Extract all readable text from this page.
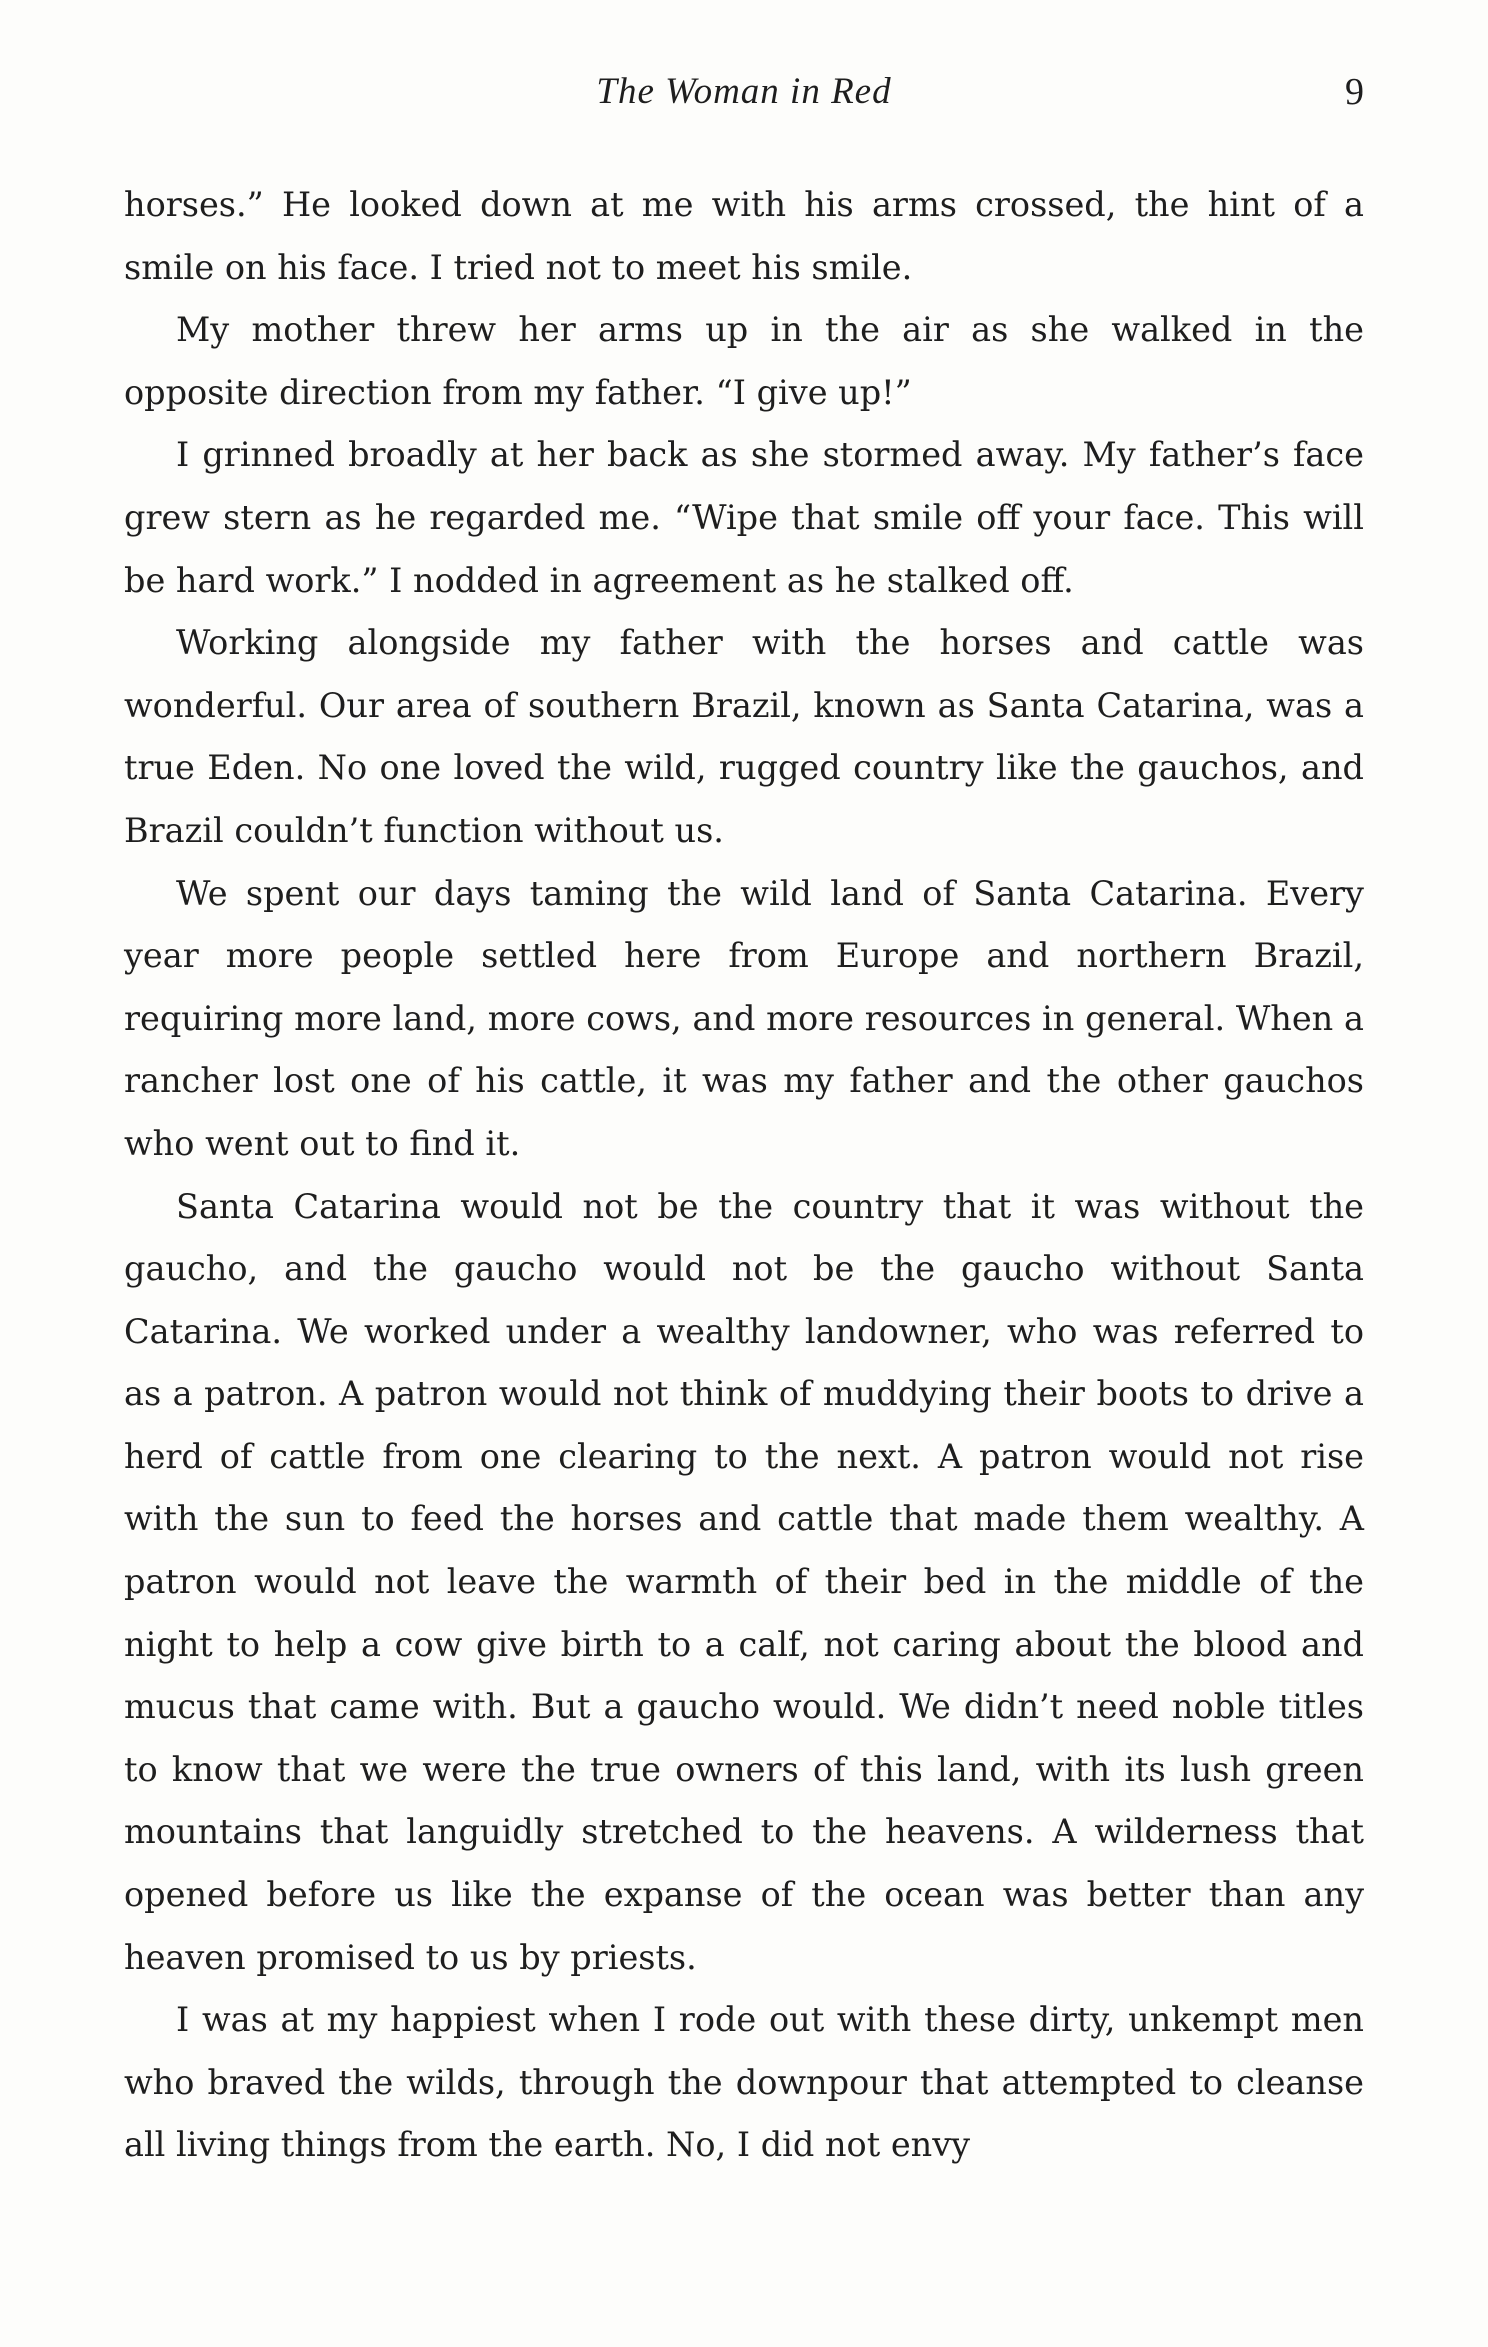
The Woman in Red	9

horses.” He looked down at me with his arms crossed, the hint of a smile on his face. I tried not to meet his smile.

My mother threw her arms up in the air as she walked in the opposite direction from my father. “I give up!”

I grinned broadly at her back as she stormed away. My father’s face grew stern as he regarded me. “Wipe that smile off your face. This will be hard work.” I nodded in agreement as he stalked off.

Working alongside my father with the horses and cattle was wonderful. Our area of southern Brazil, known as Santa Catarina, was a true Eden. No one loved the wild, rugged country like the gauchos, and Brazil couldn’t function without us.

We spent our days taming the wild land of Santa Catarina. Every year more people settled here from Europe and northern Brazil, requiring more land, more cows, and more resources in general. When a rancher lost one of his cattle, it was my father and the other gauchos who went out to find it.

Santa Catarina would not be the country that it was without the gaucho, and the gaucho would not be the gaucho without Santa Catarina. We worked under a wealthy landowner, who was referred to as a patron. A patron would not think of muddying their boots to drive a herd of cattle from one clearing to the next. A patron would not rise with the sun to feed the horses and cattle that made them wealthy. A patron would not leave the warmth of their bed in the middle of the night to help a cow give birth to a calf, not caring about the blood and mucus that came with. But a gaucho would. We didn’t need noble titles to know that we were the true owners of this land, with its lush green mountains that languidly stretched to the heavens. A wilderness that opened before us like the expanse of the ocean was better than any heaven promised to us by priests.

I was at my happiest when I rode out with these dirty, unkempt men who braved the wilds, through the downpour that attempted to cleanse all living things from the earth. No, I did not envy
